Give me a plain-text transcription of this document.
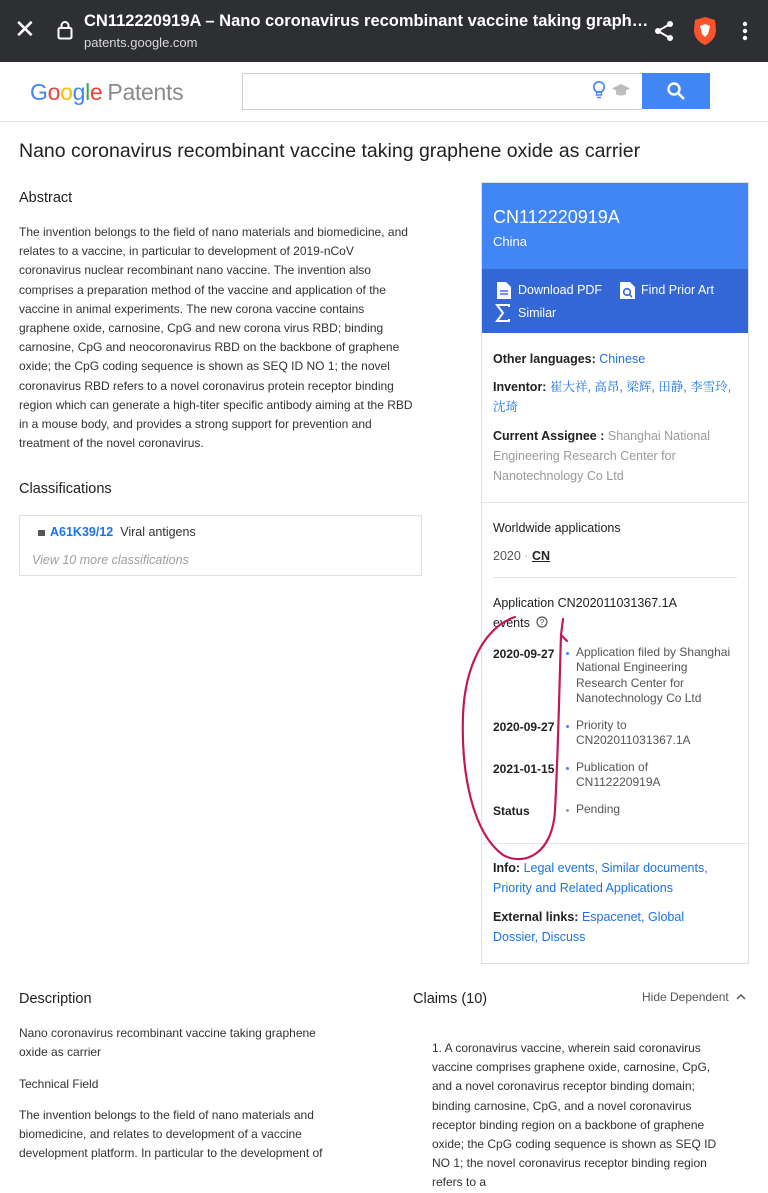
✕	CN112220919A – Nano coronavirus recombinant vaccine taking graph…
patents.google.com
Google Patents
Nano coronavirus recombinant vaccine taking graphene oxide as carrier
Abstract
The invention belongs to the field of nano materials and biomedicine, and relates to a vaccine, in particular to development of 2019-nCoV coronavirus nuclear recombinant nano vaccine. The invention also comprises a preparation method of the vaccine and application of the vaccine in animal experiments. The new corona vaccine contains graphene oxide, carnosine, CpG and new corona virus RBD; binding carnosine, CpG and neocoronavirus RBD on the backbone of graphene oxide; the CpG coding sequence is shown as SEQ ID NO 1; the novel coronavirus RBD refers to a novel coronavirus protein receptor binding region which can generate a high-titer specific antibody aiming at the RBD in a mouse body, and provides a strong support for prevention and treatment of the novel coronavirus.
Classifications
A61K39/12 Viral antigens
View 10 more classifications
CN112220919A
China
Download PDF	Find Prior Art
Similar
Other languages: Chinese
Inventor: 崔大祥, 高昂, 梁辉, 田静, 李雪玲,
沈琦
Current Assignee : Shanghai National
Engineering Research Center for
Nanotechnology Co Ltd
Worldwide applications
2020 · CN
Application CN202011031367.1A
events ?
2020-09-27 Application filed by Shanghai
National Engineering
Research Center for
Nanotechnology Co Ltd
2020-09-27 Priority to
CN202011031367.1A
2021-01-15 Publication of
CN112220919A
Status	Pending
Info: Legal events, Similar documents,
Priority and Related Applications
External links: Espacenet, Global
Dossier, Discuss
Description
Nano coronavirus recombinant vaccine taking graphene
oxide as carrier
Technical Field
The invention belongs to the field of nano materials and biomedicine, and relates to development of a vaccine development platform. In particular to the development of
Claims (10)	Hide Dependent
1. A coronavirus vaccine, wherein said coronavirus vaccine comprises graphene oxide, carnosine, CpG, and a novel coronavirus receptor binding domain; binding carnosine, CpG, and a novel coronavirus receptor binding region on a backbone of graphene oxide; the CpG coding sequence is shown as SEQ ID NO 1; the novel coronavirus receptor binding region refers to a
